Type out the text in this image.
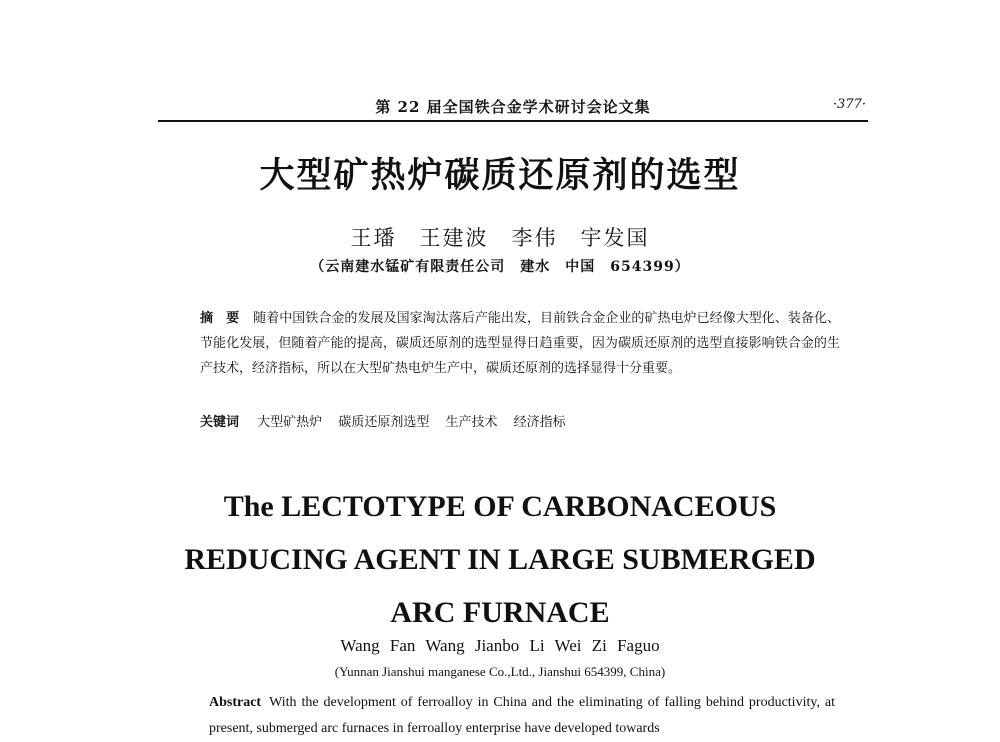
第 22 届全国铁合金学术研讨会论文集	·377·
大型矿热炉碳质还原剂的选型
王璠　王建波　李伟　宇发国
（云南建水锰矿有限责任公司　建水　中国　654399）
摘　要 随着中国铁合金的发展及国家淘汰落后产能出发，目前铁合金企业的矿热电炉已经像大型化、装备化、节能化发展，但随着产能的提高，碳质还原剂的选型显得日趋重要，因为碳质还原剂的选型直接影响铁合金的生产技术，经济指标，所以在大型矿热电炉生产中，碳质还原剂的选择显得十分重要。
关键词 大型矿热炉 碳质还原剂选型 生产技术 经济指标
The LECTOTYPE OF CARBONACEOUS
REDUCING AGENT IN LARGE SUBMERGED
ARC FURNACE
Wang Fan Wang Jianbo Li Wei Zi Faguo
(Yunnan Jianshui manganese Co.,Ltd., Jianshui 654399, China)
Abstract With the development of ferroalloy in China and the eliminating of falling behind productivity, at present, submerged arc furnaces in ferroalloy enterprise have developed towards
